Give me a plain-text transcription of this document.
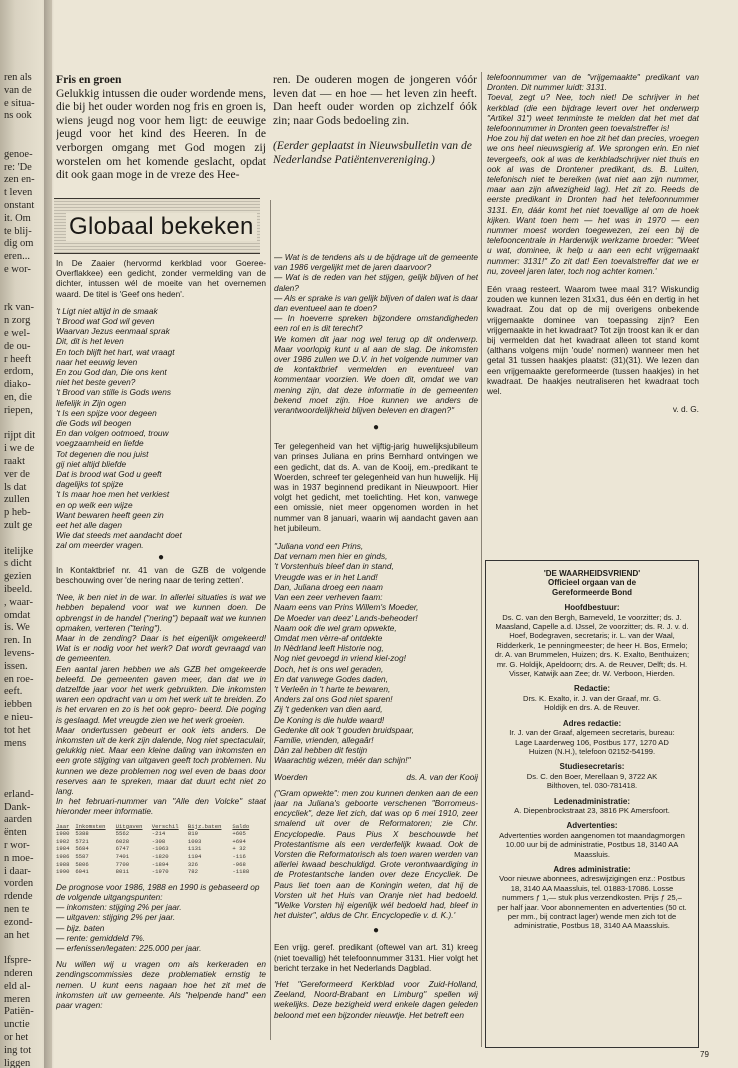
ren als
van de
e situa-
ns ook
genoe-
re: 'De
zen en-
t leven
onstant
it. Om
te blij-
dig om
eren...
e wor-
rk van-
n zorg
e wel-
de ou-
r heeft
erdom,
diako-
en, die
riepen,
rijpt dit
i we de
raakt
ver de
ls dat
zullen
p heb-
zult ge
itelijke
s dicht
gezien
ibeeld.
, waar-
omdat
is. We
ren. In
levens-
issen.
en roe-
eeft.
iebben
e nieu-
tot het
mens
erland-
Dank-
aarden
ënten
r wor-
n moe-
i daar-
vorden
rdende
nen te
ezond-
an het
lfspre-
nderen
eld al-
meren
Patiën-
unctie
or het
ing tot
liggen

Fris en groen

Gelukkig intussen die ouder wordende mens, die bij het ouder worden nog fris en groen is, wiens jeugd nog voor hem ligt: de eeuwige jeugd voor het kind des Heeren. In de verborgen omgang met God mogen zij worstelen om het komende geslacht, opdat dit ook gaan moge in de vreze des Hee-

ren. De ouderen mogen de jongeren vóór leven dat — en hoe — het leven zin heeft. Dan heeft ouder worden op zichzelf óók zin; naar Gods bedoeling zin.

(Eerder geplaatst in Nieuwsbulletin van de Nederlandse Patiëntenvereniging.)

telefoonnummer van de "vrijgemaakte" predikant van Dronten. Dit nummer luidt: 3131.

Toeval, zegt u? Nee, toch niet! De schrijver in het kerkblad (die een bijdrage levert over het onderwerp "Artikel 31") weet tenminste te melden dat het met dat telefoonnummer in Dronten geen toevalstreffer is!

Hoe zou hij dat weten en hoe zit het dan precies, vroegen we ons heel nieuwsgierig af. We sprongen erin. En niet tevergeefs, ook al was de kerkbladschrijver niet thuis en ook al was de Drontener predikant, ds. B. Luiten, telefonisch niet te bereiken (wat niet aan zijn nummer, maar aan zijn afwezigheid lag). Het zit zo. Reeds de eerste predikant in Dronten had het telefoonnummer 3131. En, dáár komt het niet toevallige al om de hoek kijken. Want toen hem — het was in 1970 — een nummer moest worden toegewezen, zei een bij de telefooncentrale in Harderwijk werkzame broeder: "Weet u wat, dominee, ik help u aan een echt vrijgemaakt nummer: 3131!" Zo zit dat! Een toevalstreffer dat we er nu, zoveel jaren later, toch nog achter komen.'

Eén vraag resteert. Waarom twee maal 31? Wiskundig zouden we kunnen lezen 31x31, dus één en dertig in het kwadraat. Zou dat op de mij overigens onbekende vrijgemaakte dominee van toepassing zijn? Een vrijgemaakte in het kwadraat? Tot zijn troost kan ik er dan bij vermelden dat het kwadraat alleen tot stand komt (althans volgens mijn 'oude' normen) wanneer men het getal 31 tussen haakjes plaatst: (31)(31). We lezen dan een vrijgemaakte gereformeerde (tussen haakjes) in het kwadraat. De haakjes neutraliseren het kwadraat toch wel.

v. d. G.

Globaal bekeken

In De Zaaier (hervormd kerkblad voor Goeree-Overflakkee) een gedicht, zonder vermelding van de dichter, intussen wél de moeite van het overnemen waard. De titel is 'Geef ons heden'.

't Ligt niet altijd in de smaak
't Brood wat God wil geven
Waarvan Jezus eenmaal sprak
Dit, dit is het leven
En toch blijft het hart, wat vraagt
naar het eeuwig leven
En zou God dan, Die ons kent
niet het beste geven?
't Brood van stille is Gods wens
liefelijk in Zijn ogen
't Is een spijze voor degeen
die Gods wil beogen
En dan volgen ootmoed, trouw
voegzaamheid en liefde
Tot degenen die nou juist
gij niet altijd bliefde
Dat is brood wat God u geeft
dagelijks tot spijze
't Is maar hoe men het verkiest
en op welk een wijze
Want bewaren heeft geen zin
eet het alle dagen
Wie dat steeds met aandacht doet
zal om meerder vragen.

●

In Kontaktbrief nr. 41 van de GZB de volgende beschouwing over 'de nering naar de tering zetten'.

'Nee, ik ben niet in de war. In allerlei situaties is wat we hebben bepalend voor wat we kunnen doen. De opbrengst in de handel ("nering") bepaalt wat we kunnen opmaken, verteren ("tering").
Maar in de zending? Daar is het eigenlijk omgekeerd! Wat is er nodig voor het werk? Dat wordt gevraagd van de gemeenten.
Een aantal jaren hebben we als GZB het omgekeerde beleefd. De gemeenten gaven meer, dan dat we in datzelfde jaar voor het werk gebruikten. Die inkomsten waren een opdracht van u om het werk uit te breiden. Zo is het ervaren en zo is het ook gepro- beerd. Die poging is geslaagd. Met vreugde zien we het werk groeien.
Maar ondertussen gebeurt er ook iets anders. De inkomsten uit de kerk zijn dalende, Nog niet spectaculair, gelukkig niet. Maar een kleine daling van inkomsten en een grote stijging van uitgaven geeft toch problemen. Nu kunnen we deze problemen nog wel even de baas door reserves aan te spreken, maar dat duurt echt niet zo lang.
In het februari-nummer van "Alle den Volcke" staat hieronder meer informatie.

Jaar	Inkomsten	Uitgaven	Verschil	Bijz.baten	Saldo
1980	5388	5562	-214	819	+605
1982	5721	6028	-308	1003	+694
1984	5684	6747	-1063	1131	+ 32
1986	5587	7401	-1820	1104	-116
1988	5806	7700	-1894	326	-968
1990	6041	8011	-1970	782	-1188

De prognose voor 1986, 1988 en 1990 is gebaseerd op de volgende uitgangspunten:
— inkomsten: stijging 2% per jaar.
— uitgaven: stijging 2% per jaar.
— bijz. baten
— rente: gemiddeld 7%.
— erfenissen/legaten: 225.000 per jaar.

Nu willen wij u vragen om als kerkeraden en zendingscommissies deze problematiek ernstig te nemen. U kunt eens nagaan hoe het zit met de inkomsten uit uw gemeente. Als "helpende hand" een paar vragen:

— Wat is de tendens als u de bijdrage uit de gemeente van 1986 vergelijkt met de jaren daarvoor?
— Wat is de reden van het stijgen, gelijk blijven of het dalen?
— Als er sprake is van gelijk blijven of dalen wat is daar dan eventueel aan te doen?
— In hoeverre spreken bijzondere omstandigheden een rol en is dit terecht?
We komen dit jaar nog wel terug op dit onderwerp. Maar voorlopig kunt u al aan de slag. De inkomsten over 1986 zullen we D.V. in het volgende nummer van de kontaktbrief vermelden en eventueel van kommentaar voorzien. We doen dit, omdat we van mening zijn, dat deze informatie in de gemeenten bekend moet zijn. Hoe kunnen we anders de verantwoordelijkheid blijven beleven en dragen?"

●

Ter gelegenheid van het vijftig-jarig huwelijksjubileum van prinses Juliana en prins Bernhard ontvingen we een gedicht, dat ds. A. van de Kooij, em.-predikant te Woerden, schreef ter gelegenheid van hun huwelijk. Hij was in 1937 beginnend predikant in Nieuwpoort. Hier volgt het gedicht, met toelichting. Het kon, vanwege een omissie, niet meer opgenomen worden in het nummer van 8 januari, waarin wij aandacht gaven aan het jubileum.

"Juliana vond een Prins,
Dat vernam men hier en ginds,
't Vorstenhuis bleef dan in stand,
Vreugde was er in het Land!
Dan, Juliana droeg een naam
Van een zeer verheven faam:
Naam eens van Prins Willem's Moeder,
De Moeder van deez' Lands-beheoder!
Naam ook die wel gram opwekte,
Omdat men vèrre-af ontdekte
In Nèdrland leeft Historie nog,
Nog niet gevoegd in vriend kiel-zog!
Doch, het is ons wel geraden,
En dat vanwege Godes daden,
't Verleên in 't harte te bewaren,
Anders zal ons God niet sparen!
Zij 't gedenken van dien aard,
De Koning is die hulde waard!
Gedenke dit ook 't gouden bruidspaar,
Familie, vrienden, allegaâr!
Dàn zal hebben dit festijn
Waarachtig wézen, méér dan schijn!"

Woerden	ds. A. van der Kooij

("Gram opwekte": men zou kunnen denken aan de een jaar na Juliana's geboorte verschenen "Borromeus-encycliek", deze liet zich, dat was op 6 mei 1910, zeer smalend uit over de Reformatoren; zie Chr. Encyclopedie. Paus Pius X beschouwde het Protestantisme als een verderfelijk kwaad. Ook de Vorsten die Reformatorisch als toen waren werden van allerlei kwaad beschuldigd. Grote verontwaardiging in de Protestantsche landen over deze Encycliek. De Paus liet toen aan de Koningin weten, dat hij de Vorsten uit het Huis van Oranje niet had bedoeld. "Welke Vorsten hij eigenlijk wél bedoeld had, bleef in het duister", aldus de Chr. Encyclopedie v. d. K.).'

●

Een vrijg. geref. predikant (oftewel van art. 31) kreeg (niet toevallig) hét telefoonnummer 3131. Hier volgt het bericht terzake in het Nederlands Dagblad.

'Het "Gereformeerd Kerkblad voor Zuid-Holland, Zeeland, Noord-Brabant en Limburg" spellen wij wekelijks. Deze bezigheid werd enkele dagen geleden beloond met een bijzonder nieuwtje. Het betreft een

'DE WAARHEIDSVRIEND'
Officieel orgaan van de Gereformeerde Bond
Hoofdbestuur:
Ds. C. van den Bergh, Barneveld, 1e voorzitter; ds. J. Maasland, Capelle a.d. IJssel, 2e voorzitter; ds. R. J. v. d. Hoef, Bodegraven, secretaris; ir. L. van der Waal, Ridderkerk, 1e penningmeester; de heer H. Bos, Ermelo; dr. A. van Brummelen, Huizen; drs. K. Exalto, Benthuizen; mr. G. Holdijk, Apeldoorn; drs. A. de Reuver, Delft; ds. H. Visser, Katwijk aan Zee; dr. W. Verboon, Hierden.
Redactie:
Drs. K. Exalto, ir. J. van der Graaf, mr. G. Holdijk en drs. A. de Reuver.
Adres redactie:
Ir. J. van der Graaf, algemeen secretaris, bureau: Lage Laarderweg 106, Postbus 177, 1270 AD Huizen (N.H.), telefoon 02152-54199.
Studiesecretaris:
Ds. C. den Boer, Merellaan 9, 3722 AK Bilthoven, tel. 030-781418.
Ledenadministratie:
A. Diepenbrockstraat 23, 3816 PK Amersfoort.
Advertenties:
Advertenties worden aangenomen tot maandagmorgen 10.00 uur bij de administratie, Postbus 18, 3140 AA Maassluis.
Adres administratie:
Voor nieuwe abonnees, adreswijzigingen enz.: Postbus 18, 3140 AA Maassluis, tel. 01883-17086. Losse nummers ƒ 1,— stuk plus verzendkosten. Prijs ƒ 25,– per half jaar. Voor abonnementen en advertenties (50 ct. per mm., bij contract lager) wende men zich tot de administratie, Postbus 18, 3140 AA Maassluis.
79
